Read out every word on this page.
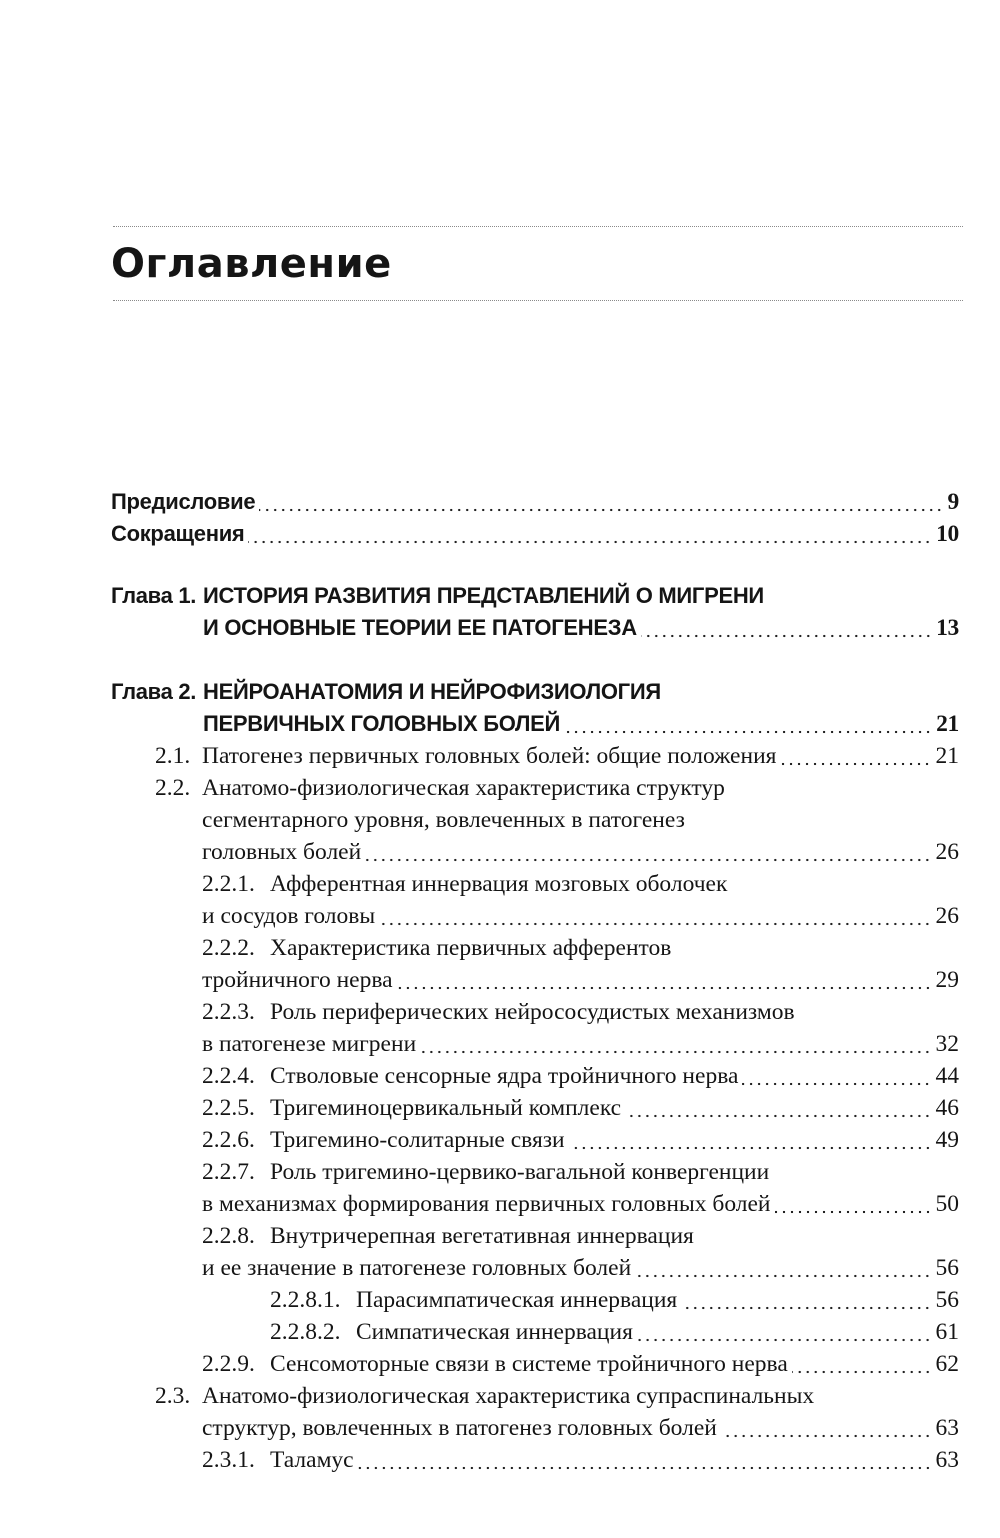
Оглавление
Предисловие	9
Сокращения	10
Глава 1. ИСТОРИЯ РАЗВИТИЯ ПРЕДСТАВЛЕНИЙ О МИГРЕНИ
И ОСНОВНЫЕ ТЕОРИИ ЕЕ ПАТОГЕНЕЗА	13
Глава 2. НЕЙРОАНАТОМИЯ И НЕЙРОФИЗИОЛОГИЯ
ПЕРВИЧНЫХ ГОЛОВНЫХ БОЛЕЙ	21
2.1. Патогенез первичных головных болей: общие положения	21
2.2. Анатомо-физиологическая характеристика структур
сегментарного уровня, вовлеченных в патогенез
головных болей	26
2.2.1. Афферентная иннервация мозговых оболочек
и сосудов головы	26
2.2.2. Характеристика первичных афферентов
тройничного нерва	29
2.2.3. Роль периферических нейрососудистых механизмов
в патогенезе мигрени	32
2.2.4. Стволовые сенсорные ядра тройничного нерва	44
2.2.5. Тригеминоцервикальный комплекс	46
2.2.6. Тригемино-солитарные связи	49
2.2.7. Роль тригемино-цервико-вагальной конвергенции
в механизмах формирования первичных головных болей	50
2.2.8. Внутричерепная вегетативная иннервация
и ее значение в патогенезе головных болей	56
2.2.8.1. Парасимпатическая иннервация	56
2.2.8.2. Симпатическая иннервация	61
2.2.9. Сенсомоторные связи в системе тройничного нерва	62
2.3. Анатомо-физиологическая характеристика супраспинальных
структур, вовлеченных в патогенез головных болей	63
2.3.1. Таламус	63
